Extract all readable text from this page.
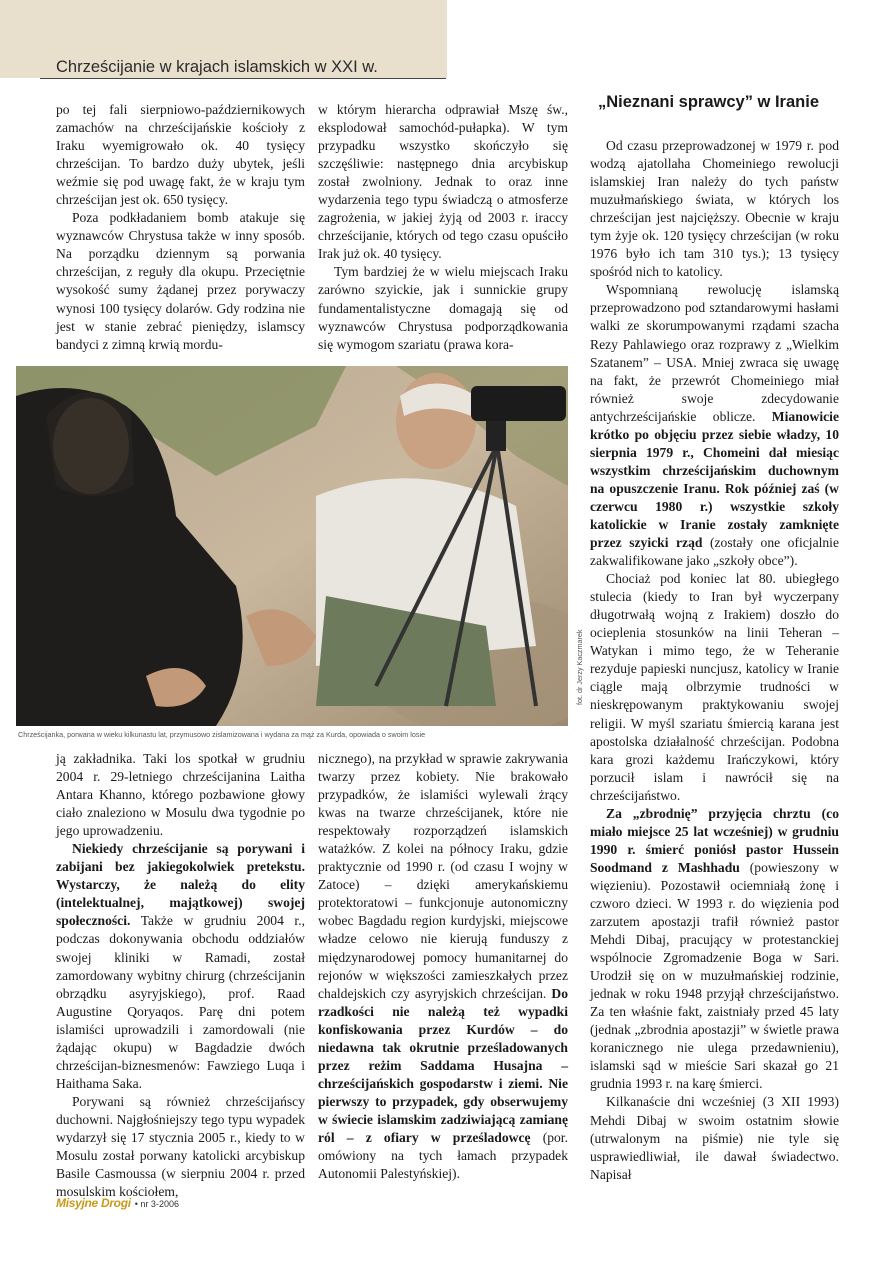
Chrześcijanie w krajach islamskich w XXI w.

po tej fali sierpniowo-październikowych zamachów na chrześcijańskie kościoły z Iraku wyemigrowało ok. 40 tysięcy chrześcijan. To bardzo duży ubytek, jeśli weźmie się pod uwagę fakt, że w kraju tym chrześcijan jest ok. 650 tysięcy.

Poza podkładaniem bomb atakuje się wyznawców Chrystusa także w inny sposób. Na porządku dziennym są porwania chrześcijan, z reguły dla okupu. Przeciętnie wysokość sumy żądanej przez porywaczy wynosi 100 tysięcy dolarów. Gdy rodzina nie jest w stanie zebrać pieniędzy, islamscy bandyci z zimną krwią mordu-

w którym hierarcha odprawiał Mszę św., eksplodował samochód-pułapka). W tym przypadku wszystko skończyło się szczęśliwie: następnego dnia arcybiskup został zwolniony. Jednak to oraz inne wydarzenia tego typu świadczą o atmosferze zagrożenia, w jakiej żyją od 2003 r. iraccy chrześcijanie, których od tego czasu opuściło Irak już ok. 40 tysięcy.

Tym bardziej że w wielu miejscach Iraku zarówno szyickie, jak i sunnickie grupy fundamentalistyczne domagają się od wyznawców Chrystusa podporządkowania się wymogom szariatu (prawa kora-

„Nieznani sprawcy” w Iranie
Chrześcijanka, porwana w wieku kilkunastu lat, przymusowo zislamizowana i wydana za mąż za Kurda, opowiada o swoim losie
fot. dr Jerzy Kaczmarek

ją zakładnika. Taki los spotkał w grudniu 2004 r. 29-letniego chrześcijanina Laitha Antara Khanno, którego pozbawione głowy ciało znaleziono w Mosulu dwa tygodnie po jego uprowadzeniu.

Niekiedy chrześcijanie są porywani i zabijani bez jakiegokolwiek pretekstu. Wystarczy, że należą do elity (intelektualnej, majątkowej) swojej społeczności. Także w grudniu 2004 r., podczas dokonywania obchodu oddziałów swojej kliniki w Ramadi, został zamordowany wybitny chirurg (chrześcijanin obrządku asyryjskiego), prof. Raad Augustine Qoryaqos. Parę dni potem islamiści uprowadzili i zamordowali (nie żądając okupu) w Bagdadzie dwóch chrześcijan-biznesmenów: Fawziego Luqa i Haithama Saka.

Porywani są również chrześcijańscy duchowni. Najgłośniejszy tego typu wypadek wydarzył się 17 stycznia 2005 r., kiedy to w Mosulu został porwany katolicki arcybiskup Basile Casmoussa (w sierpniu 2004 r. przed mosulskim kościołem,

nicznego), na przykład w sprawie zakrywania twarzy przez kobiety. Nie brakowało przypadków, że islamiści wylewali żrący kwas na twarze chrześcijanek, które nie respektowały rozporządzeń islamskich watażków. Z kolei na północy Iraku, gdzie praktycznie od 1990 r. (od czasu I wojny w Zatoce) – dzięki amerykańskiemu protektoratowi – funkcjonuje autonomiczny wobec Bagdadu region kurdyjski, miejscowe władze celowo nie kierują funduszy z międzynarodowej pomocy humanitarnej do rejonów w większości zamieszkałych przez chaldejskich czy asyryjskich chrześcijan. Do rzadkości nie należą też wypadki konfiskowania przez Kurdów – do niedawna tak okrutnie prześladowanych przez reżim Saddama Husajna – chrześcijańskich gospodarstw i ziemi. Nie pierwszy to przypadek, gdy obserwujemy w świecie islamskim zadziwiającą zamianę ról – z ofiary w prześladowcę (por. omówiony na tych łamach przypadek Autonomii Palestyńskiej).

Od czasu przeprowadzonej w 1979 r. pod wodzą ajatollaha Chomeiniego rewolucji islamskiej Iran należy do tych państw muzułmańskiego świata, w których los chrześcijan jest najcięższy. Obecnie w kraju tym żyje ok. 120 tysięcy chrześcijan (w roku 1976 było ich tam 310 tys.); 13 tysięcy spośród nich to katolicy.

Wspomnianą rewolucję islamską przeprowadzono pod sztandarowymi hasłami walki ze skorumpowanymi rządami szacha Rezy Pahlawiego oraz rozprawy z „Wielkim Szatanem” – USA. Mniej zwraca się uwagę na fakt, że przewrót Chomeiniego miał również swoje zdecydowanie antychrześcijańskie oblicze. Mianowicie krótko po objęciu przez siebie władzy, 10 sierpnia 1979 r., Chomeini dał miesiąc wszystkim chrześcijańskim duchownym na opuszczenie Iranu. Rok później zaś (w czerwcu 1980 r.) wszystkie szkoły katolickie w Iranie zostały zamknięte przez szyicki rząd (zostały one oficjalnie zakwalifikowane jako „szkoły obce”).

Chociaż pod koniec lat 80. ubiegłego stulecia (kiedy to Iran był wyczerpany długotrwałą wojną z Irakiem) doszło do ocieplenia stosunków na linii Teheran – Watykan i mimo tego, że w Teheranie rezyduje papieski nuncjusz, katolicy w Iranie ciągle mają olbrzymie trudności w nieskrępowanym praktykowaniu swojej religii. W myśl szariatu śmiercią karana jest apostolska działalność chrześcijan. Podobna kara grozi każdemu Irańczykowi, który porzucił islam i nawrócił się na chrześcijaństwo.

Za „zbrodnię” przyjęcia chrztu (co miało miejsce 25 lat wcześniej) w grudniu 1990 r. śmierć poniósł pastor Hussein Soodmand z Mashhadu (powieszony w więzieniu). Pozostawił ociemniałą żonę i czworo dzieci. W 1993 r. do więzienia pod zarzutem apostazji trafił również pastor Mehdi Dibaj, pracujący w protestanckiej wspólnocie Zgromadzenie Boga w Sari. Urodził się on w muzułmańskiej rodzinie, jednak w roku 1948 przyjął chrześcijaństwo. Za ten właśnie fakt, zaistniały przed 45 laty (jednak „zbrodnia apostazji” w świetle prawa koranicznego nie ulega przedawnieniu), islamski sąd w mieście Sari skazał go 21 grudnia 1993 r. na karę śmierci.

Kilkanaście dni wcześniej (3 XII 1993) Mehdi Dibaj w swoim ostatnim słowie (utrwalonym na piśmie) nie tyle się usprawiedliwiał, ile dawał świadectwo. Napisał

Misyjne Drogi • nr 3-2006
